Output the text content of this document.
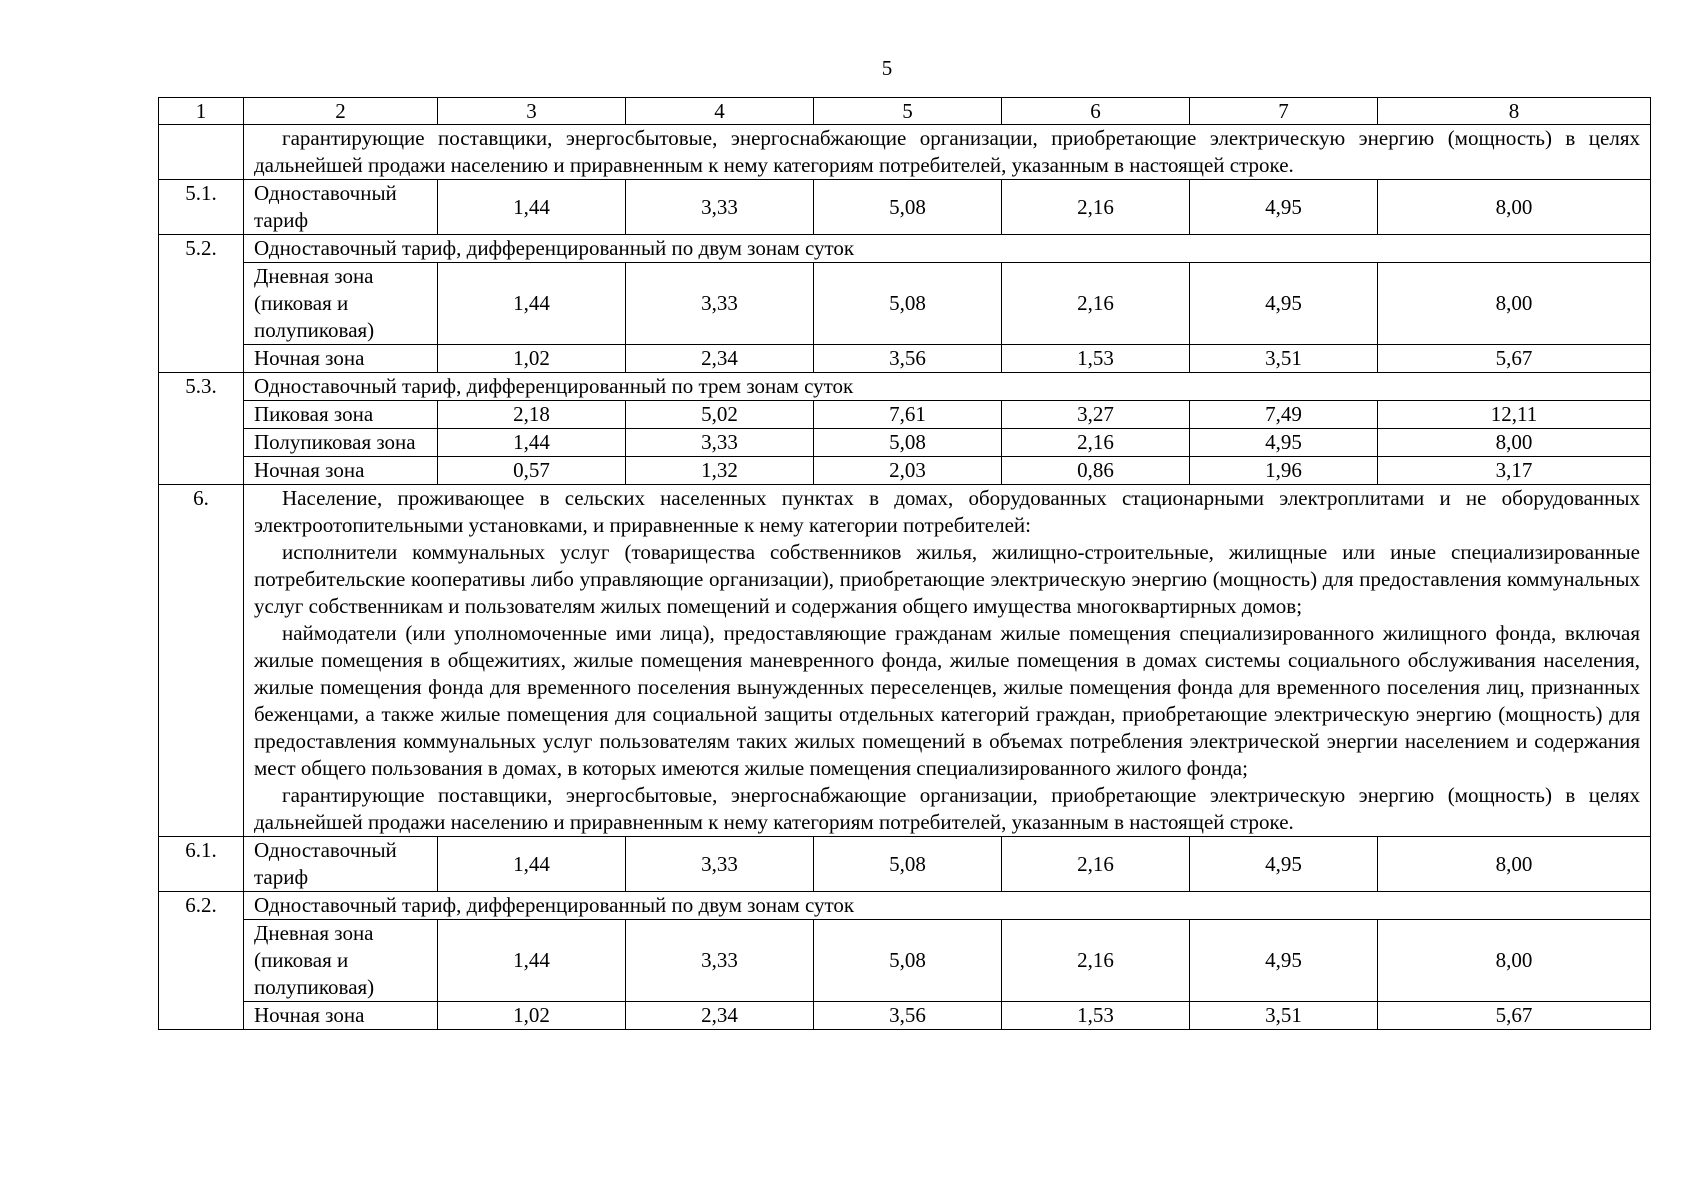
5
1	2	3	4	5	6	7	8

	гарантирующие поставщики, энергосбытовые, энергоснабжающие организации, приобретающие электрическую энергию (мощность) в целях дальнейшей продажи населению и приравненным к нему категориям потребителей, указанным в настоящей строке.						

5.1.	Одноставочный тариф	1,44	3,33	5,08	2,16	4,95	8,00
5.2.	Одноставочный тариф, дифференцированный по двум зонам суток						
	Дневная зона (пиковая и полупиковая)	1,44	3,33	5,08	2,16	4,95	8,00
	Ночная зона	1,02	2,34	3,56	1,53	3,51	5,67
5.3.	Одноставочный тариф, дифференцированный по трем зонам суток						
	Пиковая зона	2,18	5,02	7,61	3,27	7,49	12,11
	Полупиковая зона	1,44	3,33	5,08	2,16	4,95	8,00
	Ночная зона	0,57	1,32	2,03	0,86	1,96	3,17
6.	Население, проживающее в сельских населенных пунктах в домах, оборудованных стационарными электроплитами и не оборудованных электроотопительными установками, и приравненные к нему категории потребителей:

исполнители коммунальных услуг (товарищества собственников жилья, жилищно-строительные, жилищные или иные специализированные потребительские кооперативы либо управляющие организации), приобретающие электрическую энергию (мощность) для предоставления коммунальных услуг собственникам и пользователям жилых помещений и содержания общего имущества многоквартирных домов;

наймодатели (или уполномоченные ими лица), предоставляющие гражданам жилые помещения специализированного жилищного фонда, включая жилые помещения в общежитиях, жилые помещения маневренного фонда, жилые помещения в домах системы социального обслуживания населения, жилые помещения фонда для временного поселения вынужденных переселенцев, жилые помещения фонда для временного поселения лиц, признанных беженцами, а также жилые помещения для социальной защиты отдельных категорий граждан, приобретающие электрическую энергию (мощность) для предоставления коммунальных услуг пользователям таких жилых помещений в объемах потребления электрической энергии населением и содержания мест общего пользования в домах, в которых имеются жилые помещения специализированного жилого фонда;

гарантирующие поставщики, энергосбытовые, энергоснабжающие организации, приобретающие электрическую энергию (мощность) в целях дальнейшей продажи населению и приравненным к нему категориям потребителей, указанным в настоящей строке.						

6.1.	Одноставочный тариф	1,44	3,33	5,08	2,16	4,95	8,00
6.2.	Одноставочный тариф, дифференцированный по двум зонам суток						
	Дневная зона (пиковая и полупиковая)	1,44	3,33	5,08	2,16	4,95	8,00
	Ночная зона	1,02	2,34	3,56	1,53	3,51	5,67
